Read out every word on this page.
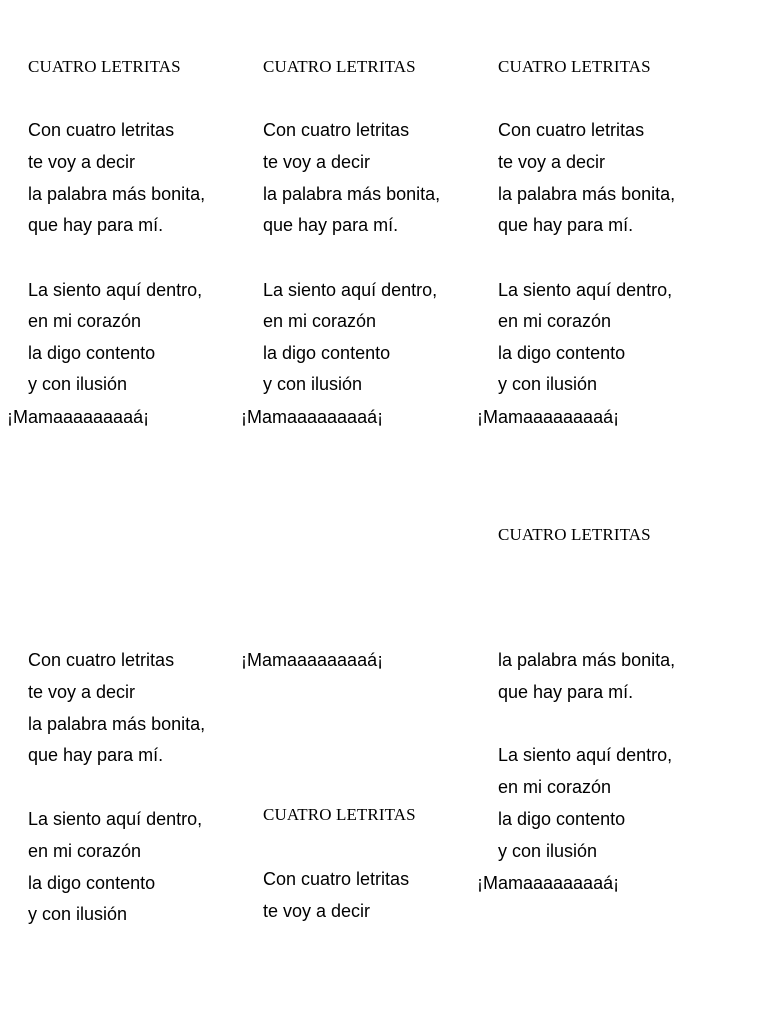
CUATRO LETRITAS
Con cuatro letritas
te voy a decir
la palabra más bonita,
que hay para mí.
La siento aquí dentro,
en mi corazón
la digo contento
y con ilusión
¡Mamaaaaaaaaá¡
CUATRO LETRITAS
Con cuatro letritas
te voy a decir
la palabra más bonita,
que hay para mí.
La siento aquí dentro,
en mi corazón
la digo contento
y con ilusión
¡Mamaaaaaaaaá¡
CUATRO LETRITAS
Con cuatro letritas
te voy a decir
la palabra más bonita,
que hay para mí.
La siento aquí dentro,
en mi corazón
la digo contento
y con ilusión
¡Mamaaaaaaaaá¡
Con cuatro letritas
te voy a decir
la palabra más bonita,
que hay para mí.
La siento aquí dentro,
en mi corazón
la digo contento
y con ilusión
¡Mamaaaaaaaaá¡
CUATRO LETRITAS
Con cuatro letritas
te voy a decir
CUATRO LETRITAS
la palabra más bonita,
que hay para mí.
La siento aquí dentro,
en mi corazón
la digo contento
y con ilusión
¡Mamaaaaaaaaá¡
